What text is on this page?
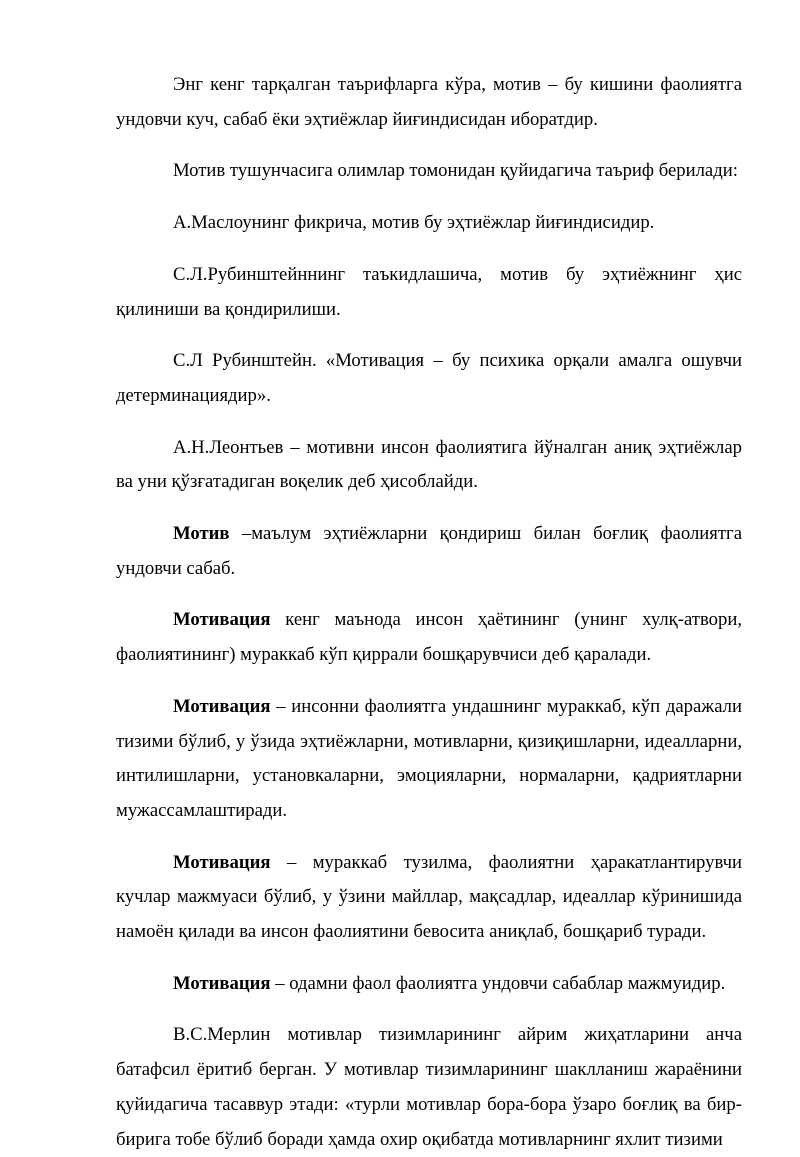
Энг кенг тарқалган таърифларга кўра, мотив – бу кишини фаолиятга ундовчи куч, сабаб ёки эҳтиёжлар йиғиндисидан иборатдир.

Мотив тушунчасига олимлар томонидан қуйидагича таъриф берилади:

А.Маслоунинг фикрича, мотив бу эҳтиёжлар йиғиндисидир.

С.Л.Рубинштейннинг таъкидлашича, мотив бу эҳтиёжнинг ҳис қилиниши ва қондирилиши.

С.Л Рубинштейн. «Мотивация – бу психика орқали амалга ошувчи детерминациядир».

А.Н.Леонтьев – мотивни инсон фаолиятига йўналган аниқ эҳтиёжлар ва уни қўзғатадиган воқелик деб ҳисоблайди.

Мотив –маълум эҳтиёжларни қондириш билан боғлиқ фаолиятга ундовчи сабаб.

Мотивация кенг маънода инсон ҳаётининг (унинг хулқ-атвори, фаолиятининг) мураккаб кўп қиррали бошқарувчиси деб қаралади.

Мотивация – инсонни фаолиятга ундашнинг мураккаб, кўп даражали тизими бўлиб, у ўзида эҳтиёжларни, мотивларни, қизиқишларни, идеалларни, интилишларни, установкаларни, эмоцияларни, нормаларни, қадриятларни мужассамлаштиради.

Мотивация – мураккаб тузилма, фаолиятни ҳаракатлантирувчи кучлар мажмуаси бўлиб, у ўзини майллар, мақсадлар, идеаллар кўринишида намоён қилади ва инсон фаолиятини бевосита аниқлаб, бошқариб туради.

Мотивация – одамни фаол фаолиятга ундовчи сабаблар мажмуидир.

В.С.Мерлин мотивлар тизимларининг айрим жиҳатларини анча батафсил ёритиб берган. У мотивлар тизимларининг шаклланиш жараёнини қуйидагича тасаввур этади: «турли мотивлар бора-бора ўзаро боғлиқ ва бир-бирига тобе бўлиб боради ҳамда охир оқибатда мотивларнинг яхлит тизими
